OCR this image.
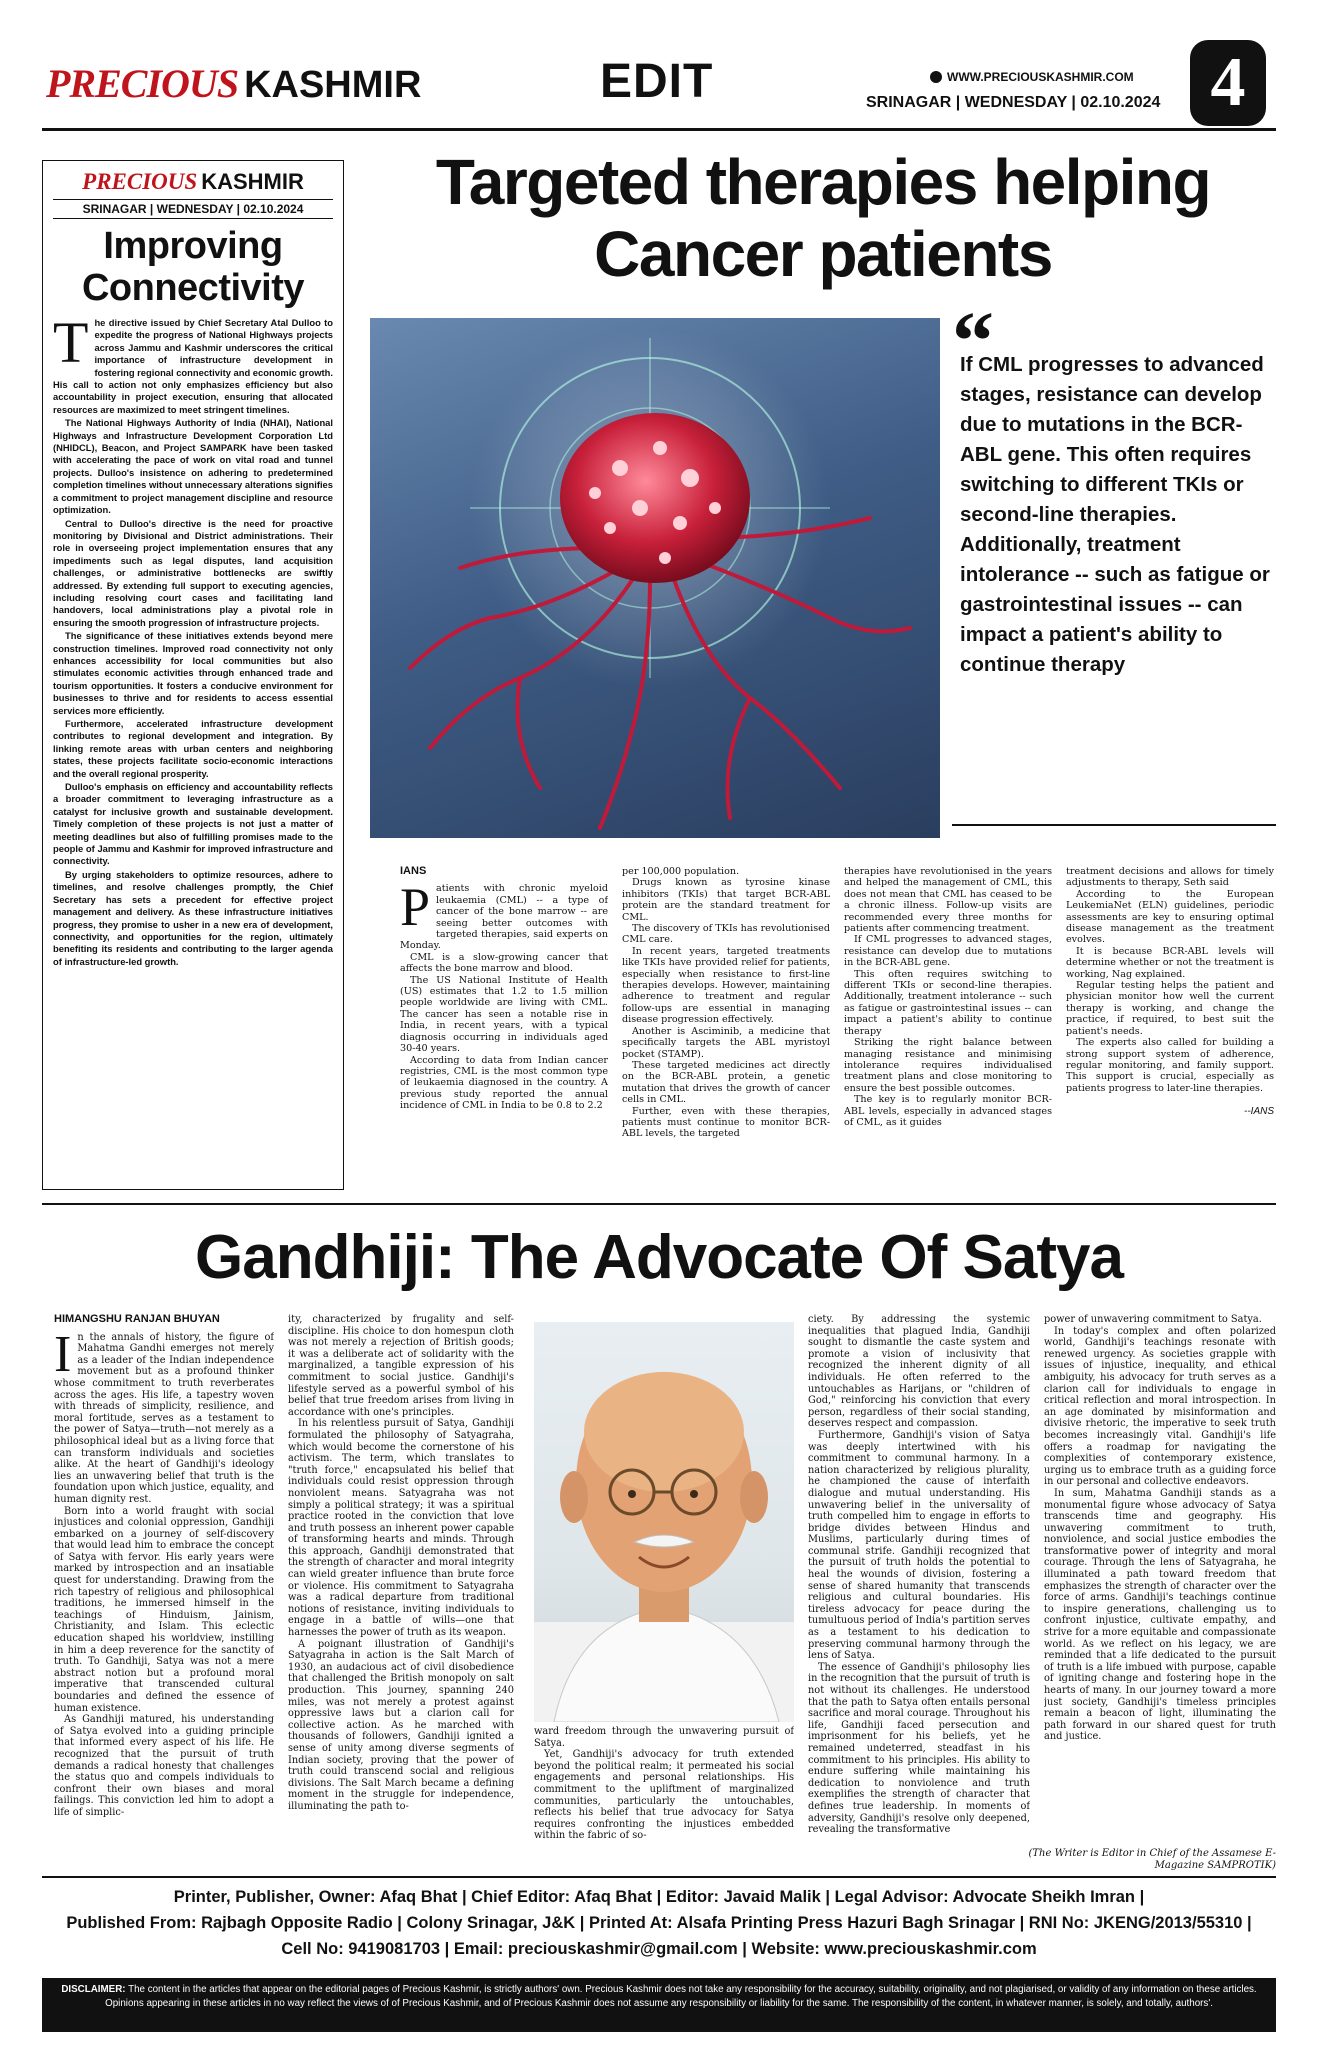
PRECIOUS KASHMIR	EDIT	WWW.PRECIOUSKASHMIR.COM
SRINAGAR | WEDNESDAY | 02.10.2024 4
PRECIOUS KASHMIR
SRINAGAR | WEDNESDAY | 02.10.2024
Improving Connectivity

The directive issued by Chief Secretary Atal Dulloo to expedite the progress of National Highways projects across Jammu and Kashmir underscores the critical importance of infrastructure development in fostering regional connectivity and economic growth. His call to action not only emphasizes efficiency but also accountability in project execution, ensuring that allocated resources are maximized to meet stringent timelines.

The National Highways Authority of India (NHAI), National Highways and Infrastructure Development Corporation Ltd (NHIDCL), Beacon, and Project SAMPARK have been tasked with accelerating the pace of work on vital road and tunnel projects. Dulloo's insistence on adhering to predetermined completion timelines without unnecessary alterations signifies a commitment to project management discipline and resource optimization.

Central to Dulloo's directive is the need for proactive monitoring by Divisional and District administrations. Their role in overseeing project implementation ensures that any impediments such as legal disputes, land acquisition challenges, or administrative bottlenecks are swiftly addressed. By extending full support to executing agencies, including resolving court cases and facilitating land handovers, local administrations play a pivotal role in ensuring the smooth progression of infrastructure projects.

The significance of these initiatives extends beyond mere construction timelines. Improved road connectivity not only enhances accessibility for local communities but also stimulates economic activities through enhanced trade and tourism opportunities. It fosters a conducive environment for businesses to thrive and for residents to access essential services more efficiently.

Furthermore, accelerated infrastructure development contributes to regional development and integration. By linking remote areas with urban centers and neighboring states, these projects facilitate socio-economic interactions and the overall regional prosperity.

Dulloo's emphasis on efficiency and accountability reflects a broader commitment to leveraging infrastructure as a catalyst for inclusive growth and sustainable development. Timely completion of these projects is not just a matter of meeting deadlines but also of fulfilling promises made to the people of Jammu and Kashmir for improved infrastructure and connectivity.

By urging stakeholders to optimize resources, adhere to timelines, and resolve challenges promptly, the Chief Secretary has sets a precedent for effective project management and delivery. As these infrastructure initiatives progress, they promise to usher in a new era of development, connectivity, and opportunities for the region, ultimately benefiting its residents and contributing to the larger agenda of infrastructure-led growth.

Targeted therapies helping Cancer patients
“
If CML progresses to advanced stages, resistance can develop due to mutations in the BCR-ABL gene. This often requires switching to different TKIs or second-line therapies. Additionally, treatment intolerance -- such as fatigue or gastrointestinal issues -- can impact a patient's ability to continue therapy
IANS

Patients with chronic myeloid leukaemia (CML) -- a type of cancer of the bone marrow -- are seeing better outcomes with targeted therapies, said experts on Monday.

CML is a slow-growing cancer that affects the bone marrow and blood.

The US National Institute of Health (US) estimates that 1.2 to 1.5 million people worldwide are living with CML. The cancer has seen a notable rise in India, in recent years, with a typical diagnosis occurring in individuals aged 30-40 years.

According to data from Indian cancer registries, CML is the most common type of leukaemia diagnosed in the country. A previous study reported the annual incidence of CML in India to be 0.8 to 2.2

per 100,000 population.

Drugs known as tyrosine kinase inhibitors (TKIs) that target BCR-ABL protein are the standard treatment for CML.

The discovery of TKIs has revolutionised CML care.

In recent years, targeted treatments like TKIs have provided relief for patients, especially when resistance to first-line therapies develops. However, maintaining adherence to treatment and regular follow-ups are essential in managing disease progression effectively.

Another is Asciminib, a medicine that specifically targets the ABL myristoyl pocket (STAMP).

These targeted medicines act directly on the BCR-ABL protein, a genetic mutation that drives the growth of cancer cells in CML.

Further, even with these therapies, patients must continue to monitor BCR-ABL levels, the targeted

therapies have revolutionised in the years and helped the management of CML, this does not mean that CML has ceased to be a chronic illness. Follow-up visits are recommended every three months for patients after commencing treatment.

If CML progresses to advanced stages, resistance can develop due to mutations in the BCR-ABL gene.

This often requires switching to different TKIs or second-line therapies. Additionally, treatment intolerance -- such as fatigue or gastrointestinal issues -- can impact a patient's ability to continue therapy

Striking the right balance between managing resistance and minimising intolerance requires individualised treatment plans and close monitoring to ensure the best possible outcomes.

The key is to regularly monitor BCR-ABL levels, especially in advanced stages of CML, as it guides

treatment decisions and allows for timely adjustments to therapy, Seth said

According to the European LeukemiaNet (ELN) guidelines, periodic assessments are key to ensuring optimal disease management as the treatment evolves.

It is because BCR-ABL levels will determine whether or not the treatment is working, Nag explained.

Regular testing helps the patient and physician monitor how well the current therapy is working, and change the practice, if required, to best suit the patient's needs.

The experts also called for building a strong support system of adherence, regular monitoring, and family support. This support is crucial, especially as patients progress to later-line therapies.

--IANS
Gandhiji: The Advocate Of Satya
HIMANGSHU RANJAN BHUYAN

In the annals of history, the figure of Mahatma Gandhi emerges not merely as a leader of the Indian independence movement but as a profound thinker whose commitment to truth reverberates across the ages. His life, a tapestry woven with threads of simplicity, resilience, and moral fortitude, serves as a testament to the power of Satya—truth—not merely as a philosophical ideal but as a living force that can transform individuals and societies alike. At the heart of Gandhiji's ideology lies an unwavering belief that truth is the foundation upon which justice, equality, and human dignity rest.

Born into a world fraught with social injustices and colonial oppression, Gandhiji embarked on a journey of self-discovery that would lead him to embrace the concept of Satya with fervor. His early years were marked by introspection and an insatiable quest for understanding. Drawing from the rich tapestry of religious and philosophical traditions, he immersed himself in the teachings of Hinduism, Jainism, Christianity, and Islam. This eclectic education shaped his worldview, instilling in him a deep reverence for the sanctity of truth. To Gandhiji, Satya was not a mere abstract notion but a profound moral imperative that transcended cultural boundaries and defined the essence of human existence.

As Gandhiji matured, his understanding of Satya evolved into a guiding principle that informed every aspect of his life. He recognized that the pursuit of truth demands a radical honesty that challenges the status quo and compels individuals to confront their own biases and moral failings. This conviction led him to adopt a life of simplic-

ity, characterized by frugality and self-discipline. His choice to don homespun cloth was not merely a rejection of British goods; it was a deliberate act of solidarity with the marginalized, a tangible expression of his commitment to social justice. Gandhiji's lifestyle served as a powerful symbol of his belief that true freedom arises from living in accordance with one's principles.

In his relentless pursuit of Satya, Gandhiji formulated the philosophy of Satyagraha, which would become the cornerstone of his activism. The term, which translates to "truth force," encapsulated his belief that individuals could resist oppression through nonviolent means. Satyagraha was not simply a political strategy; it was a spiritual practice rooted in the conviction that love and truth possess an inherent power capable of transforming hearts and minds. Through this approach, Gandhiji demonstrated that the strength of character and moral integrity can wield greater influence than brute force or violence. His commitment to Satyagraha was a radical departure from traditional notions of resistance, inviting individuals to engage in a battle of wills—one that harnesses the power of truth as its weapon.

A poignant illustration of Gandhiji's Satyagraha in action is the Salt March of 1930, an audacious act of civil disobedience that challenged the British monopoly on salt production. This journey, spanning 240 miles, was not merely a protest against oppressive laws but a clarion call for collective action. As he marched with thousands of followers, Gandhiji ignited a sense of unity among diverse segments of Indian society, proving that the power of truth could transcend social and religious divisions. The Salt March became a defining moment in the struggle for independence, illuminating the path to-

ward freedom through the unwavering pursuit of Satya.

Yet, Gandhiji's advocacy for truth extended beyond the political realm; it permeated his social engagements and personal relationships. His commitment to the upliftment of marginalized communities, particularly the untouchables, reflects his belief that true advocacy for Satya requires confronting the injustices embedded within the fabric of so-

ciety. By addressing the systemic inequalities that plagued India, Gandhiji sought to dismantle the caste system and promote a vision of inclusivity that recognized the inherent dignity of all individuals. He often referred to the untouchables as Harijans, or "children of God," reinforcing his conviction that every person, regardless of their social standing, deserves respect and compassion.

Furthermore, Gandhiji's vision of Satya was deeply intertwined with his commitment to communal harmony. In a nation characterized by religious plurality, he championed the cause of interfaith dialogue and mutual understanding. His unwavering belief in the universality of truth compelled him to engage in efforts to bridge divides between Hindus and Muslims, particularly during times of communal strife. Gandhiji recognized that the pursuit of truth holds the potential to heal the wounds of division, fostering a sense of shared humanity that transcends religious and cultural boundaries. His tireless advocacy for peace during the tumultuous period of India's partition serves as a testament to his dedication to preserving communal harmony through the lens of Satya.

The essence of Gandhiji's philosophy lies in the recognition that the pursuit of truth is not without its challenges. He understood that the path to Satya often entails personal sacrifice and moral courage. Throughout his life, Gandhiji faced persecution and imprisonment for his beliefs, yet he remained undeterred, steadfast in his commitment to his principles. His ability to endure suffering while maintaining his dedication to nonviolence and truth exemplifies the strength of character that defines true leadership. In moments of adversity, Gandhiji's resolve only deepened, revealing the transformative

power of unwavering commitment to Satya.

In today's complex and often polarized world, Gandhiji's teachings resonate with renewed urgency. As societies grapple with issues of injustice, inequality, and ethical ambiguity, his advocacy for truth serves as a clarion call for individuals to engage in critical reflection and moral introspection. In an age dominated by misinformation and divisive rhetoric, the imperative to seek truth becomes increasingly vital. Gandhiji's life offers a roadmap for navigating the complexities of contemporary existence, urging us to embrace truth as a guiding force in our personal and collective endeavors.

In sum, Mahatma Gandhiji stands as a monumental figure whose advocacy of Satya transcends time and geography. His unwavering commitment to truth, nonviolence, and social justice embodies the transformative power of integrity and moral courage. Through the lens of Satyagraha, he illuminated a path toward freedom that emphasizes the strength of character over the force of arms. Gandhiji's teachings continue to inspire generations, challenging us to confront injustice, cultivate empathy, and strive for a more equitable and compassionate world. As we reflect on his legacy, we are reminded that a life dedicated to the pursuit of truth is a life imbued with purpose, capable of igniting change and fostering hope in the hearts of many. In our journey toward a more just society, Gandhiji's timeless principles remain a beacon of light, illuminating the path forward in our shared quest for truth and justice.

(The Writer is Editor in Chief of the Assamese E-Magazine SAMPROTIK)
Printer, Publisher, Owner: Afaq Bhat | Chief Editor: Afaq Bhat | Editor: Javaid Malik | Legal Advisor: Advocate Sheikh Imran |
Published From: Rajbagh Opposite Radio | Colony Srinagar, J&K | Printed At: Alsafa Printing Press Hazuri Bagh Srinagar | RNI No: JKENG/2013/55310 |
Cell No: 9419081703 | Email: preciouskashmir@gmail.com | Website: www.preciouskashmir.com
DISCLAIMER: The content in the articles that appear on the editorial pages of Precious Kashmir, is strictly authors' own. Precious Kashmir does not take any responsibility for the accuracy, suitability, originality, and not plagiarised, or validity of any information on these articles. Opinions appearing in these articles in no way reflect the views of of Precious Kashmir, and of Precious Kashmir does not assume any responsibility or liability for the same. The responsibility of the content, in whatever manner, is solely, and totally, authors'.
